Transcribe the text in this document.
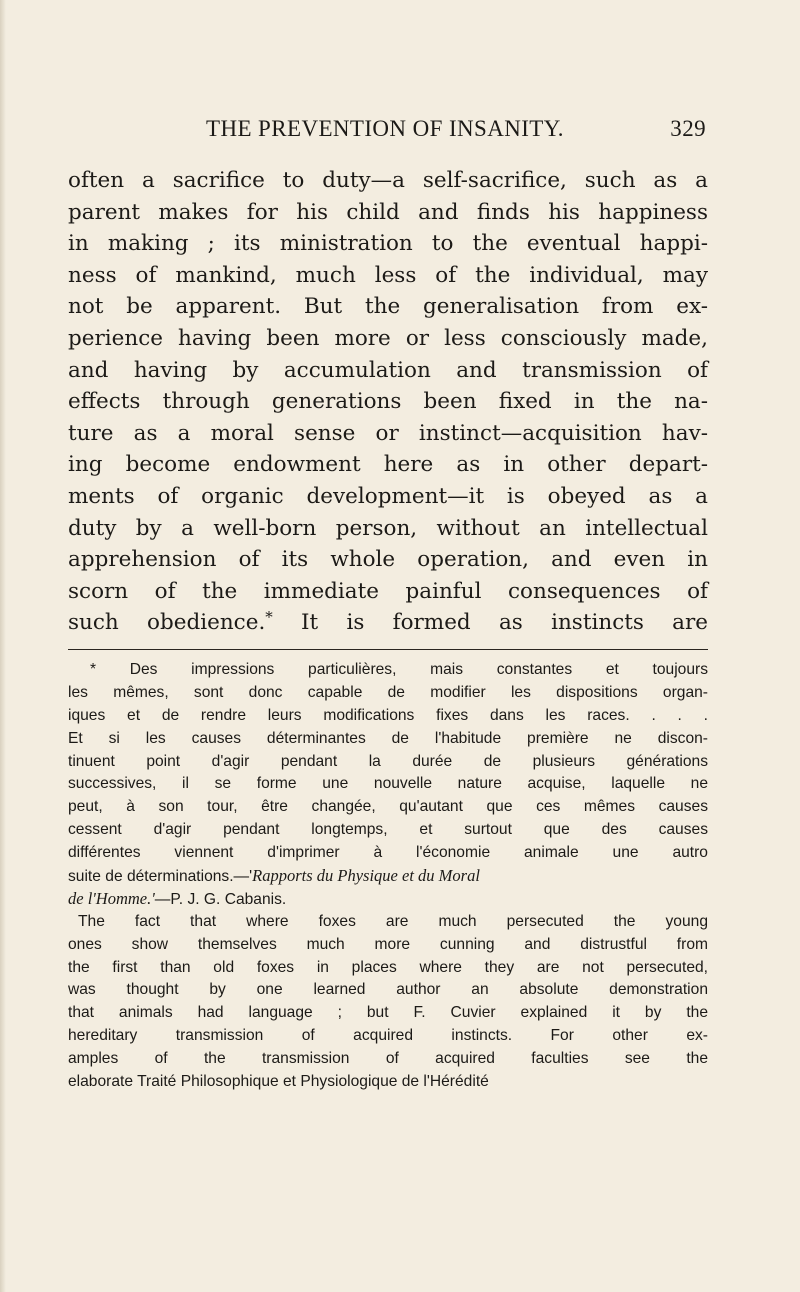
THE PREVENTION OF INSANITY.	329
often a sacrifice to duty—a self-sacrifice, such as a
parent makes for his child and finds his happiness
in making ; its ministration to the eventual happi-
ness of mankind, much less of the individual, may
not be apparent. But the generalisation from ex-
perience having been more or less consciously made,
and having by accumulation and transmission of
effects through generations been fixed in the na-
ture as a moral sense or instinct—acquisition hav-
ing become endowment here as in other depart-
ments of organic development—it is obeyed as a
duty by a well-born person, without an intellectual
apprehension of its whole operation, and even in
scorn of the immediate painful consequences of
such obedience.* It is formed as instincts are
* Des impressions particulières, mais constantes et toujours
les mêmes, sont donc capable de modifier les dispositions organ-
iques et de rendre leurs modifications fixes dans les races. . . .
Et si les causes déterminantes de l'habitude première ne discon-
tinuent point d'agir pendant la durée de plusieurs générations
successives, il se forme une nouvelle nature acquise, laquelle ne
peut, à son tour, être changée, qu'autant que ces mêmes causes
cessent d'agir pendant longtemps, et surtout que des causes
différentes viennent d'imprimer à l'économie animale une autro
suite de déterminations.—'Rapports du Physique et du Moral
de l'Homme.'—P. J. G. Cabanis.
The fact that where foxes are much persecuted the young
ones show themselves much more cunning and distrustful from
the first than old foxes in places where they are not persecuted,
was thought by one learned author an absolute demonstration
that animals had language ; but F. Cuvier explained it by the
hereditary transmission of acquired instincts. For other ex-
amples of the transmission of acquired faculties see the
elaborate Traité Philosophique et Physiologique de l'Hérédité
